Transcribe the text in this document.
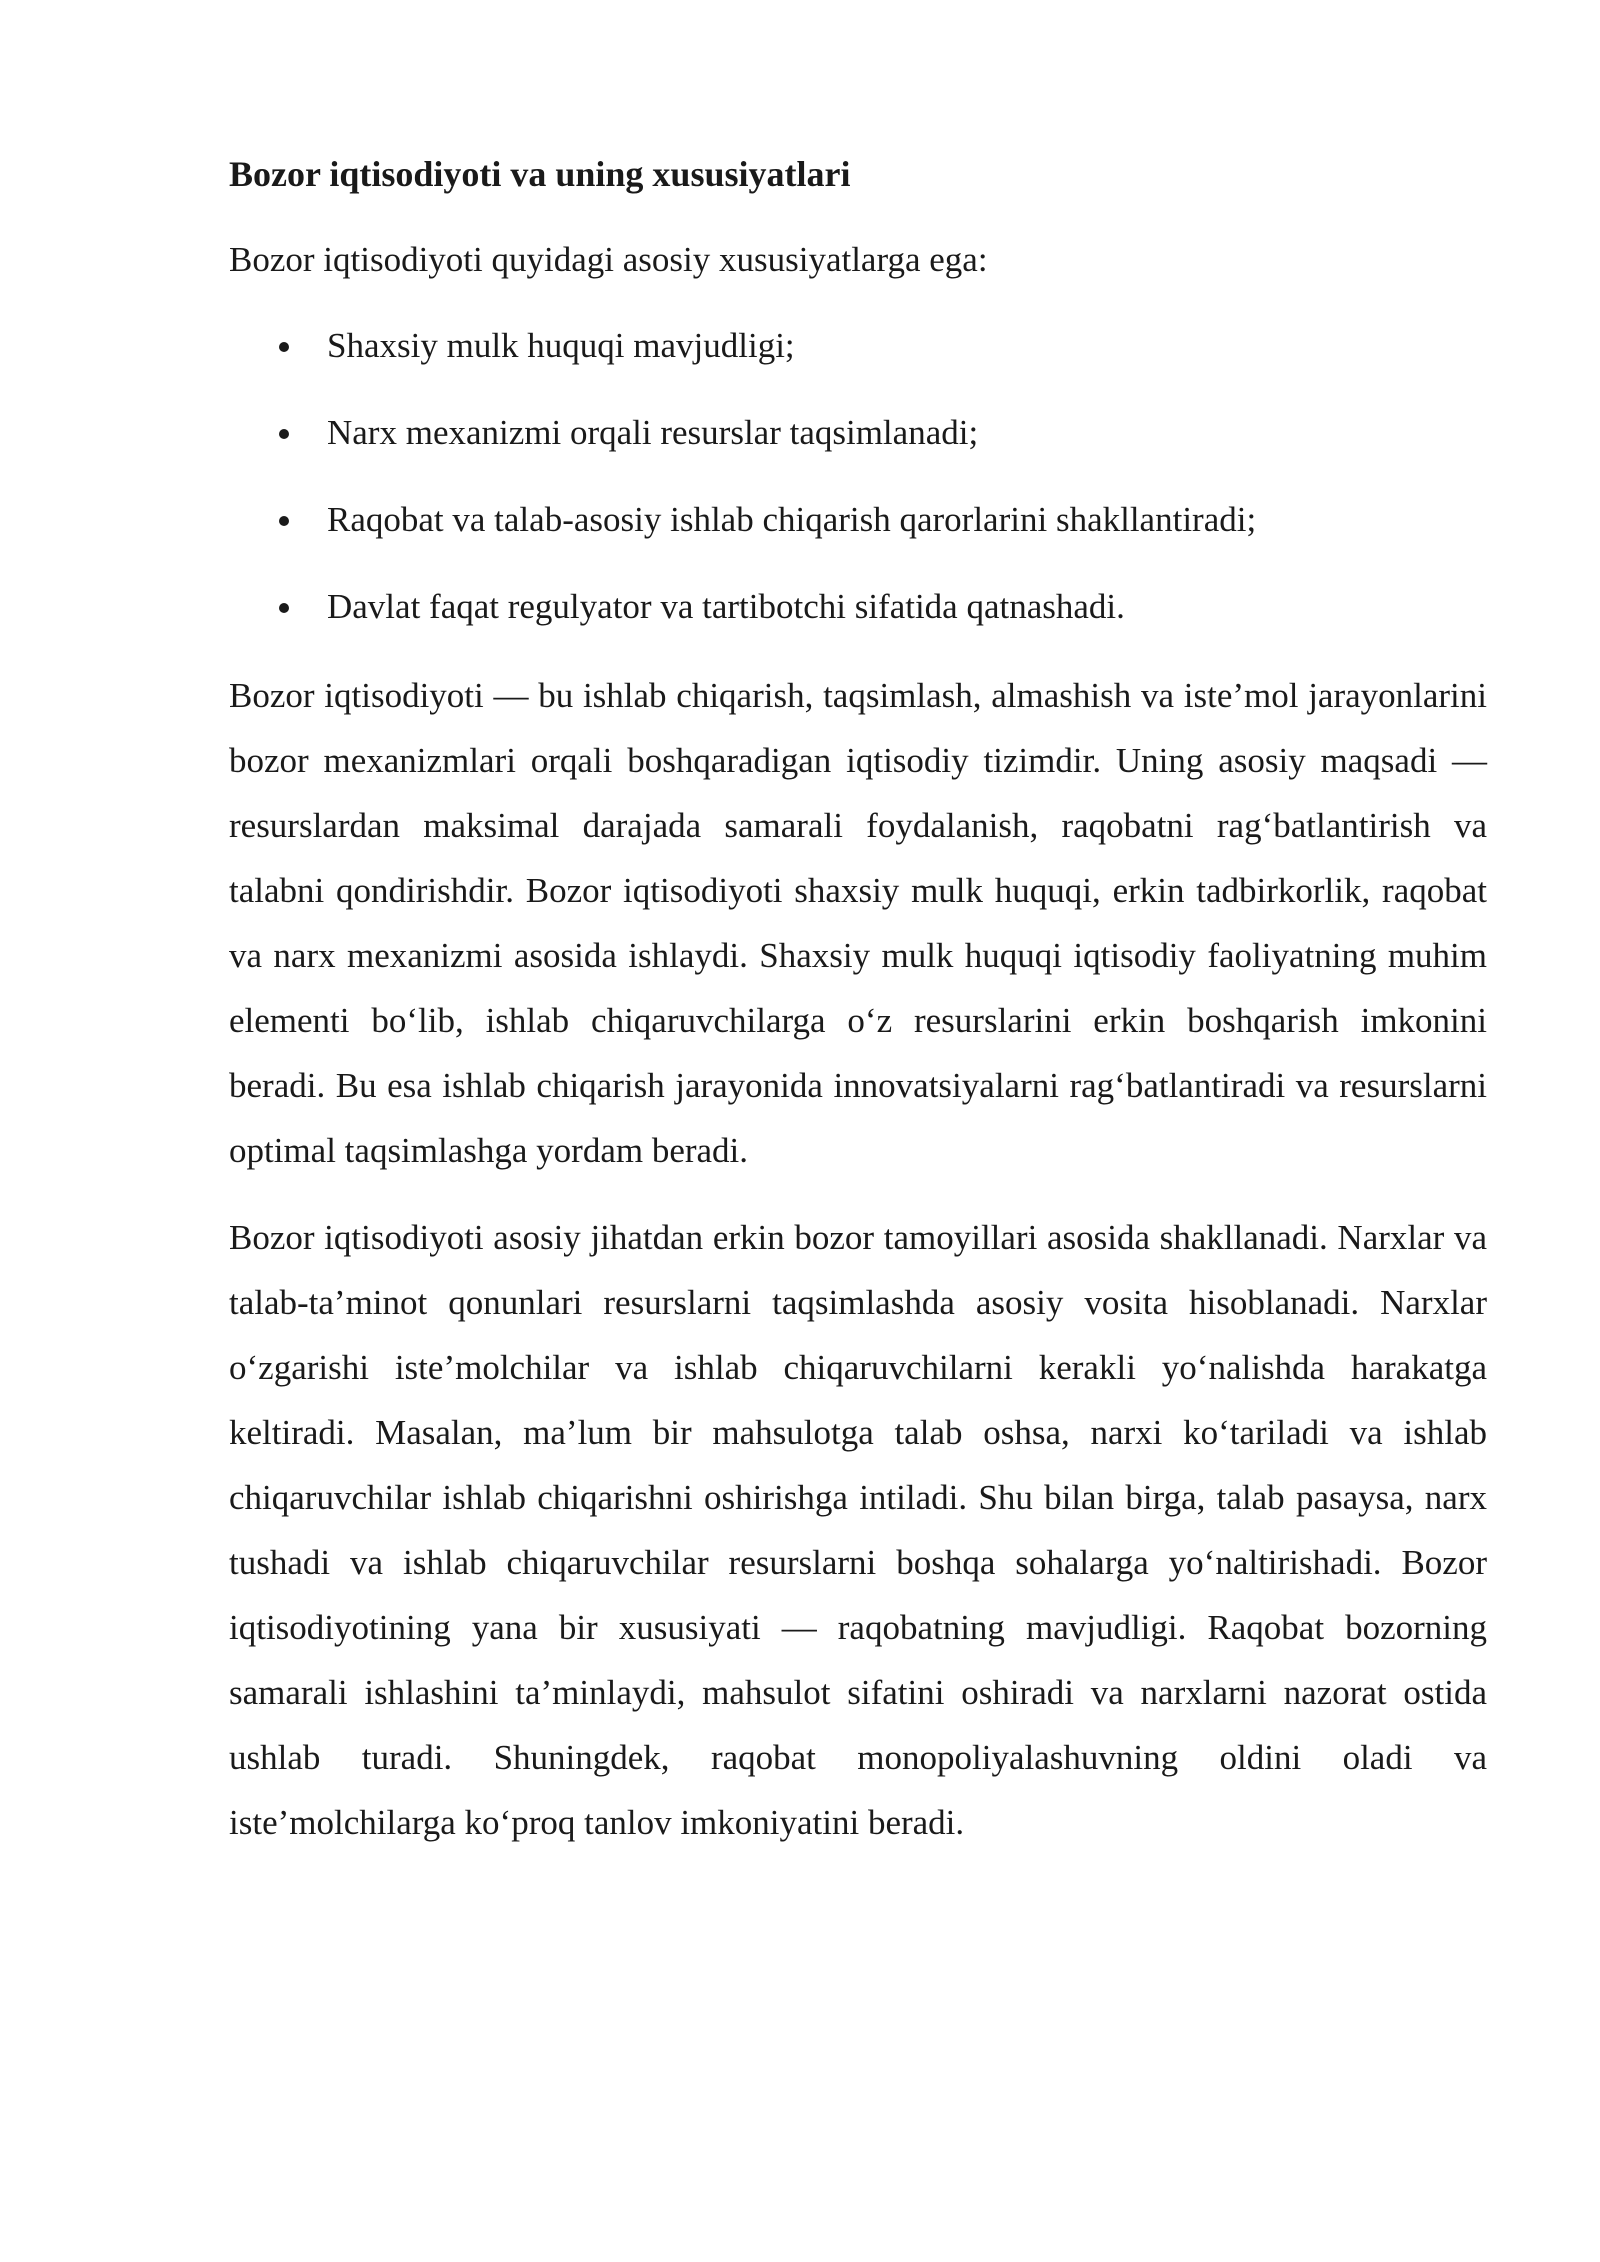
Bozor iqtisodiyoti va uning xususiyatlari

Bozor iqtisodiyoti quyidagi asosiy xususiyatlarga ega:

Shaxsiy mulk huquqi mavjudligi;
Narx mexanizmi orqali resurslar taqsimlanadi;
Raqobat va talab-asosiy ishlab chiqarish qarorlarini shakllantiradi;
Davlat faqat regulyator va tartibotchi sifatida qatnashadi.

Bozor iqtisodiyoti — bu ishlab chiqarish, taqsimlash, almashish va iste’mol jarayonlarini bozor mexanizmlari orqali boshqaradigan iqtisodiy tizimdir. Uning asosiy maqsadi — resurslardan maksimal darajada samarali foydalanish, raqobatni rag‘batlantirish va talabni qondirishdir. Bozor iqtisodiyoti shaxsiy mulk huquqi, erkin tadbirkorlik, raqobat va narx mexanizmi asosida ishlaydi. Shaxsiy mulk huquqi iqtisodiy faoliyatning muhim elementi bo‘lib, ishlab chiqaruvchilarga o‘z resurslarini erkin boshqarish imkonini beradi. Bu esa ishlab chiqarish jarayonida innovatsiyalarni rag‘batlantiradi va resurslarni optimal taqsimlashga yordam beradi.

Bozor iqtisodiyoti asosiy jihatdan erkin bozor tamoyillari asosida shakllanadi. Narxlar va talab-ta’minot qonunlari resurslarni taqsimlashda asosiy vosita hisoblanadi. Narxlar o‘zgarishi iste’molchilar va ishlab chiqaruvchilarni kerakli yo‘nalishda harakatga keltiradi. Masalan, ma’lum bir mahsulotga talab oshsa, narxi ko‘tariladi va ishlab chiqaruvchilar ishlab chiqarishni oshirishga intiladi. Shu bilan birga, talab pasaysa, narx tushadi va ishlab chiqaruvchilar resurslarni boshqa sohalarga yo‘naltirishadi. Bozor iqtisodiyotining yana bir xususiyati — raqobatning mavjudligi. Raqobat bozorning samarali ishlashini ta’minlaydi, mahsulot sifatini oshiradi va narxlarni nazorat ostida ushlab turadi. Shuningdek, raqobat monopoliyalashuvning oldini oladi va iste’molchilarga ko‘proq tanlov imkoniyatini beradi.
